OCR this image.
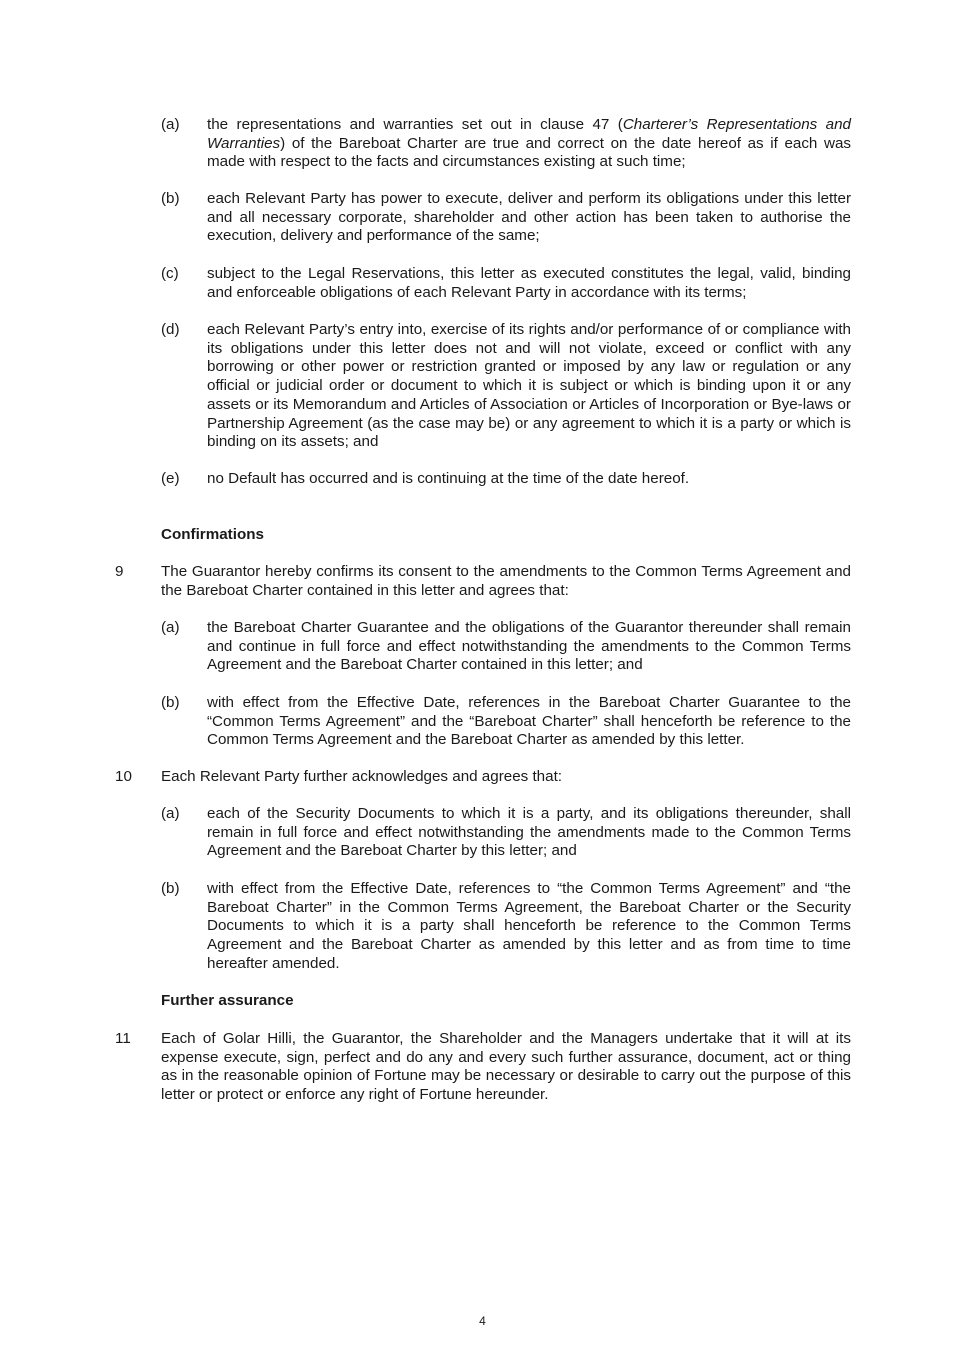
(a) the representations and warranties set out in clause 47 (Charterer’s Representations and Warranties) of the Bareboat Charter are true and correct on the date hereof as if each was made with respect to the facts and circumstances existing at such time;
(b) each Relevant Party has power to execute, deliver and perform its obligations under this letter and all necessary corporate, shareholder and other action has been taken to authorise the execution, delivery and performance of the same;
(c) subject to the Legal Reservations, this letter as executed constitutes the legal, valid, binding and enforceable obligations of each Relevant Party in accordance with its terms;
(d) each Relevant Party’s entry into, exercise of its rights and/or performance of or compliance with its obligations under this letter does not and will not violate, exceed or conflict with any borrowing or other power or restriction granted or imposed by any law or regulation or any official or judicial order or document to which it is subject or which is binding upon it or any assets or its Memorandum and Articles of Association or Articles of Incorporation or Bye-laws or Partnership Agreement (as the case may be) or any agreement to which it is a party or which is binding on its assets; and
(e) no Default has occurred and is continuing at the time of the date hereof.
Confirmations
9 The Guarantor hereby confirms its consent to the amendments to the Common Terms Agreement and the Bareboat Charter contained in this letter and agrees that:
(a) the Bareboat Charter Guarantee and the obligations of the Guarantor thereunder shall remain and continue in full force and effect notwithstanding the amendments to the Common Terms Agreement and the Bareboat Charter contained in this letter; and
(b) with effect from the Effective Date, references in the Bareboat Charter Guarantee to the “Common Terms Agreement” and the “Bareboat Charter” shall henceforth be reference to the Common Terms Agreement and the Bareboat Charter as amended by this letter.
10 Each Relevant Party further acknowledges and agrees that:
(a) each of the Security Documents to which it is a party, and its obligations thereunder, shall remain in full force and effect notwithstanding the amendments made to the Common Terms Agreement and the Bareboat Charter by this letter; and
(b) with effect from the Effective Date, references to “the Common Terms Agreement” and “the Bareboat Charter” in the Common Terms Agreement, the Bareboat Charter or the Security Documents to which it is a party shall henceforth be reference to the Common Terms Agreement and the Bareboat Charter as amended by this letter and as from time to time hereafter amended.
Further assurance
11 Each of Golar Hilli, the Guarantor, the Shareholder and the Managers undertake that it will at its expense execute, sign, perfect and do any and every such further assurance, document, act or thing as in the reasonable opinion of Fortune may be necessary or desirable to carry out the purpose of this letter or protect or enforce any right of Fortune hereunder.
4
